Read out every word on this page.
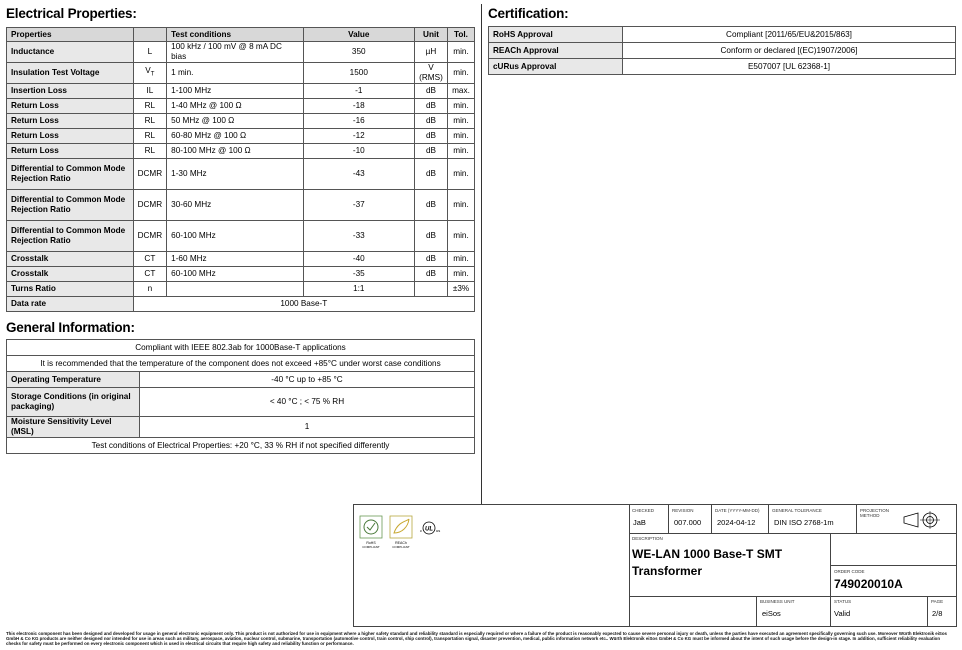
Electrical Properties:
Properties		Test conditions	Value	Unit	Tol.
Inductance	L	100 kHz / 100 mV @ 8 mA DC bias	350	µH	min.
Insulation Test Voltage	$V_T$	1 min.	1500	V (RMS)	min.
Insertion Loss	IL	1-100 MHz	-1	dB	max.
Return Loss	RL	1-40 MHz @ 100 Ω	-18	dB	min.
Return Loss	RL	50 MHz @ 100 Ω	-16	dB	min.
Return Loss	RL	60-80 MHz @ 100 Ω	-12	dB	min.
Return Loss	RL	80-100 MHz @ 100 Ω	-10	dB	min.
Differential to Common Mode Rejection Ratio	DCMR	1-30 MHz	-43	dB	min.
Differential to Common Mode Rejection Ratio	DCMR	30-60 MHz	-37	dB	min.
Differential to Common Mode Rejection Ratio	DCMR	60-100 MHz	-33	dB	min.
Crosstalk	CT	1-60 MHz	-40	dB	min.
Crosstalk	CT	60-100 MHz	-35	dB	min.
Turns Ratio	n		1:1		±3%
Data rate	1000 Base-T				
General Information:
Compliant with IEEE 802.3ab for 1000Base-T applications	
It is recommended that the temperature of the component does not exceed +85°C under worst case conditions	
Operating Temperature	-40 °C up to +85 °C
Storage Conditions (in original packaging)	< 40 °C ; < 75 % RH
Moisture Sensitivity Level (MSL)	1
Test conditions of Electrical Properties: +20 °C, 33 % RH if not specified differently	
Certification:
RoHS Approval	Compliant [2011/65/EU&2015/863]
REACh Approval	Conform or declared [(EC)1907/2006]
cURus Approval	E507007 [UL 62368-1]
RoHS
COMPLIANT
REACh
COMPLIANT
c UL us
CHECKED
JaB
REVISION
007.000
DATE (YYYY-MM-DD)
2024-04-12
GENERAL TOLERANCE
DIN ISO 2768-1m
PROJECTION METHOD
DESCRIPTION
WE-LAN 1000 Base-T SMT
Transformer	ORDER CODE
749020010A
BUSINESS UNIT
eiSos
STATUS
Valid
PAGE
2/8
This electronic component has been designed and developed for usage in general electronic equipment only. This product is not authorized for use in equipment where a higher safety standard and reliability standard is especially required or where a failure of the product is reasonably expected to cause severe personal injury or death, unless the parties have executed an agreement specifically governing such use. Moreover Würth Elektronik eiSos GmbH & Co KG products are neither designed nor intended for use in areas such as military, aerospace, aviation, nuclear control, submarine, transportation (automotive control, train control, ship control), transportation signal, disaster prevention, medical, public information network etc.. Würth Elektronik eiSos GmbH & Co KG must be informed about the intent of such usage before the design-in stage. In addition, sufficient reliability evaluation checks for safety must be performed on every electronic component which is used in electrical circuits that require high safety and reliability function or performance.
